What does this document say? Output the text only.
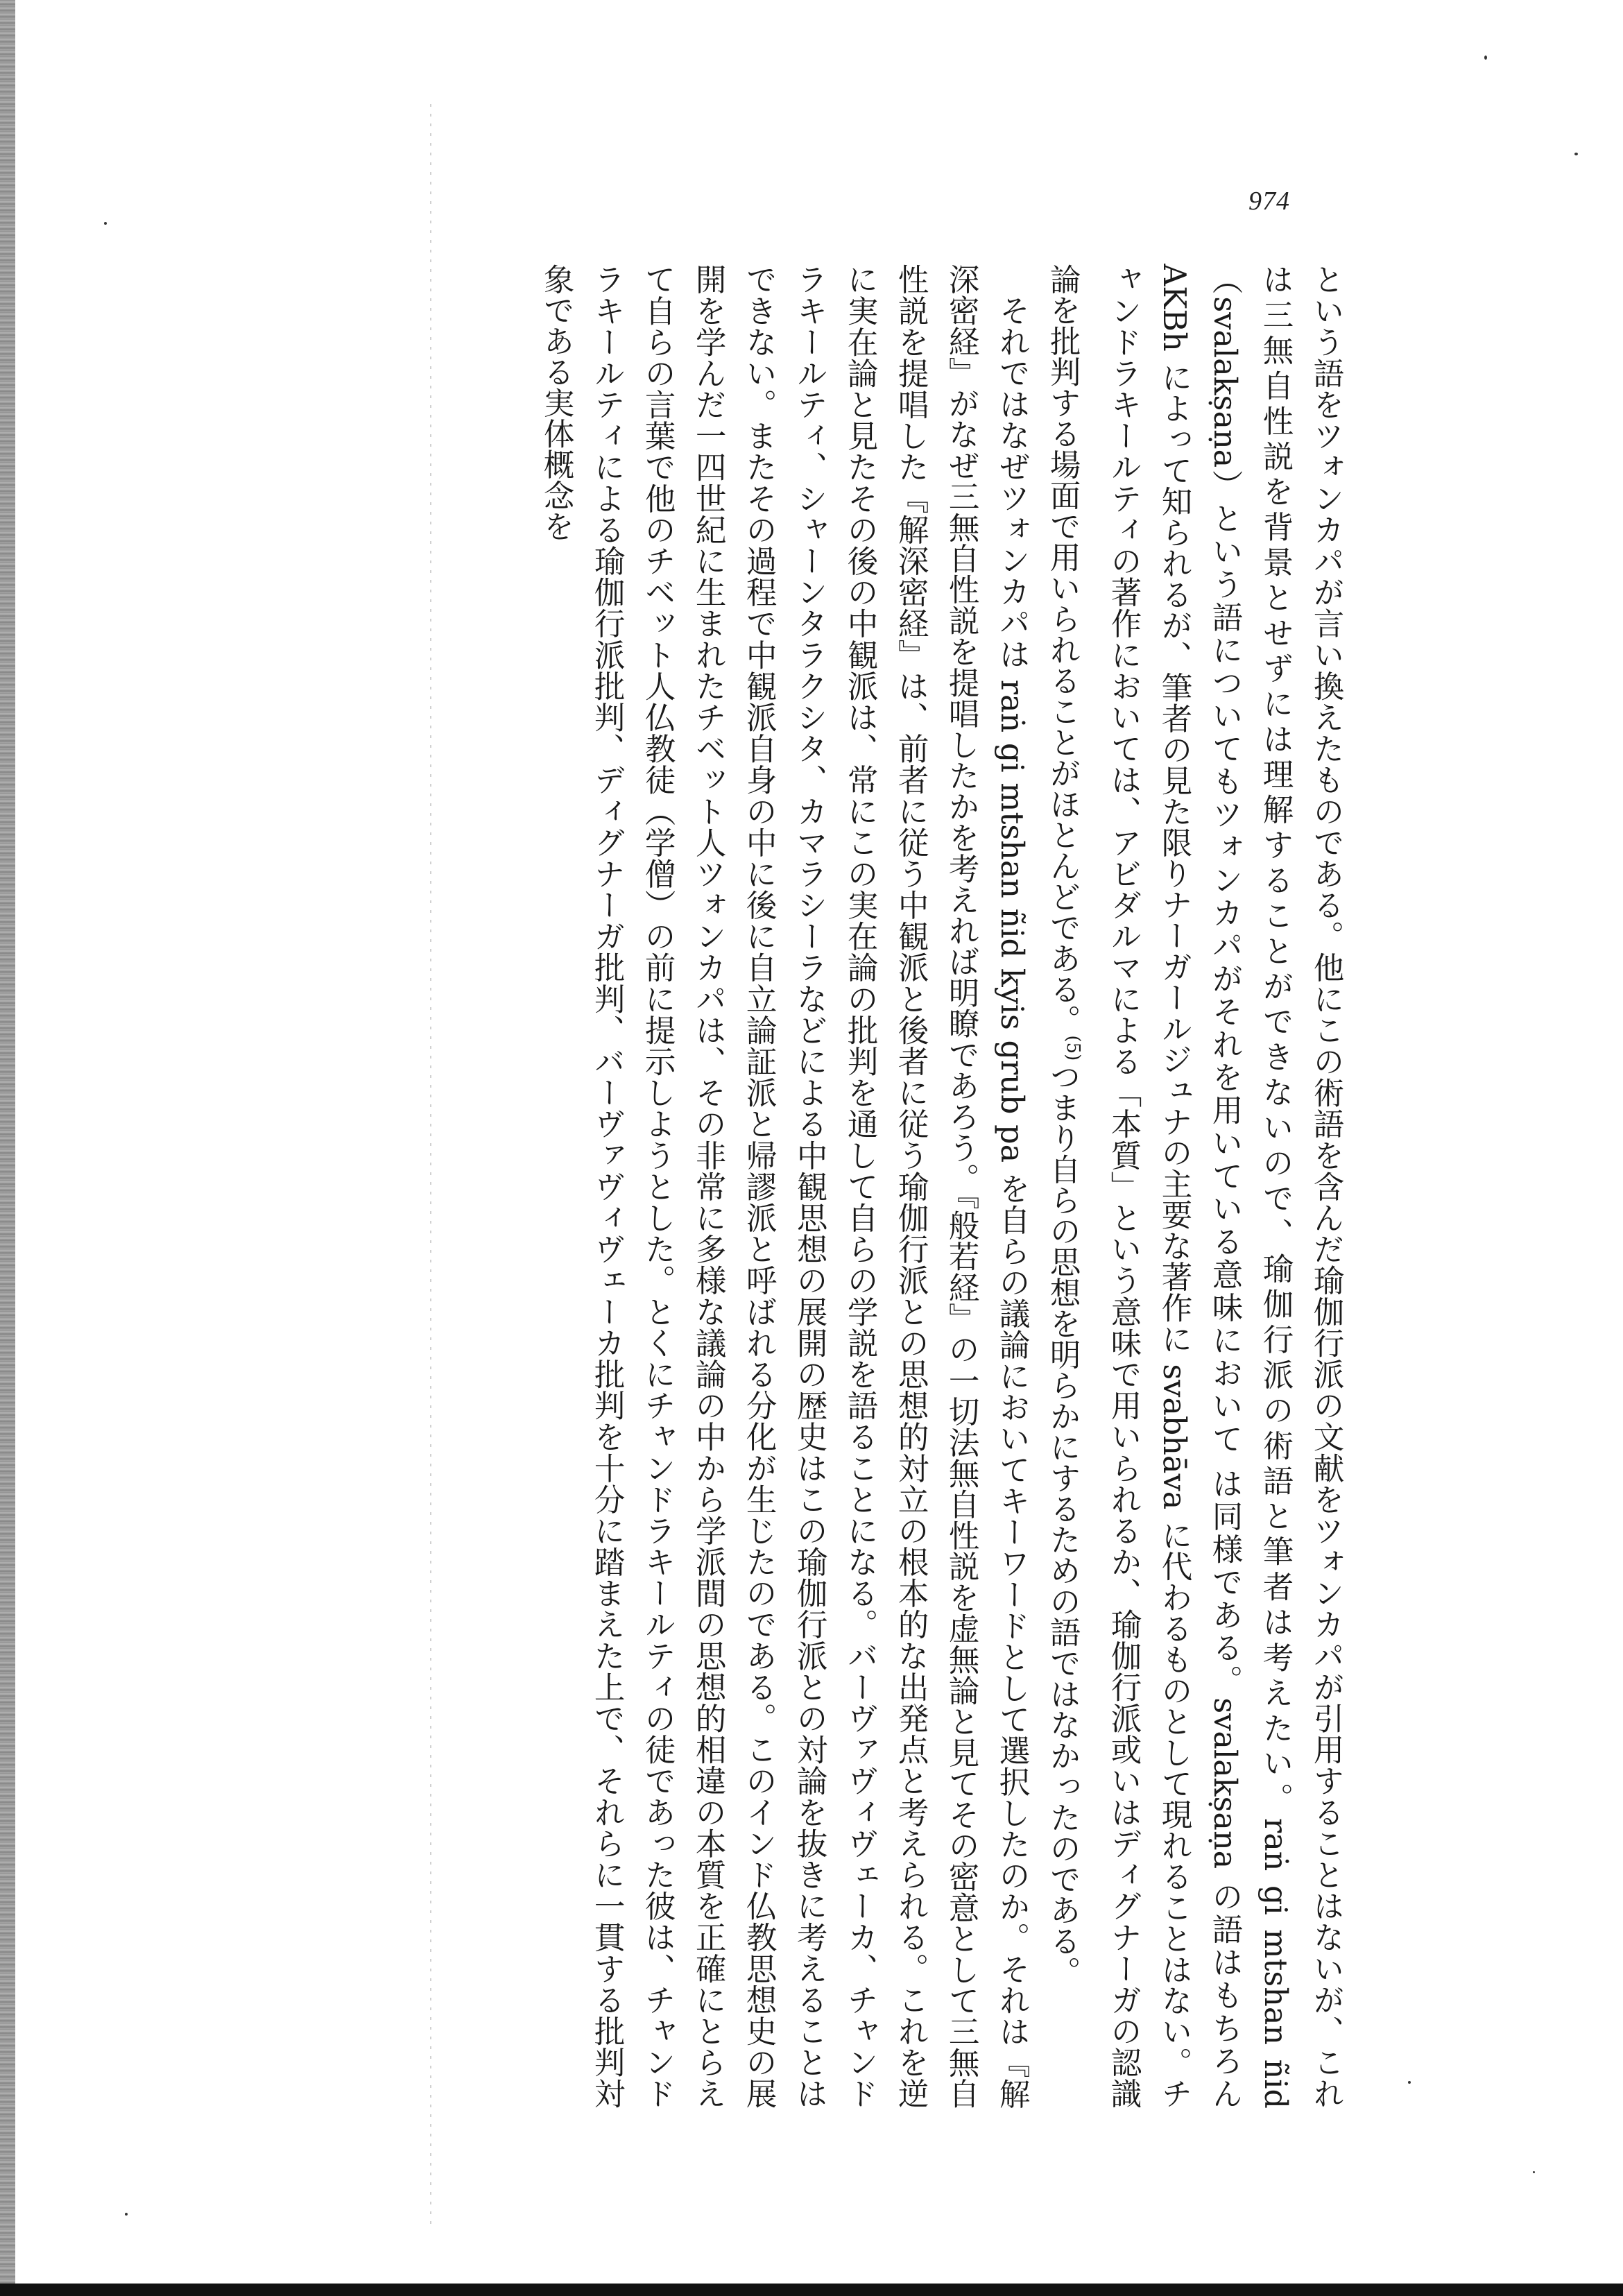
974

という語をツォンカパが言い換えたものである。他にこの術語を含んだ瑜伽行派の文献をツォンカパが引用することはないが、これは三無自性説を背景とせずには理解することができないので、瑜伽行派の術語と筆者は考えたい。raṅ gi mtshan ñid（svalakṣaṇa）という語についてもツォンカパがそれを用いている意味において は同様である。svalakṣaṇa の語はもちろん AKBh によって知られるが、筆者の見た限りナーガールジュナの主要な著作に svabhāva に代わるものとして現れることはない。チャンドラキールティの著作においては、アビダルマによる「本質」という意味で用いられるか、瑜伽行派或いはディグナーガの認識論を批判する場面で用いられることがほとんどである。$^{(5)}$つまり自らの思想を明らかにするための語ではなかったのである。

それではなぜツォンカパは raṅ gi mtshan ñid kyis grub pa を自らの議論においてキーワードとして選択したのか。それは『解深密経』がなぜ三無自性説を提唱したかを考えれば明瞭であろう。『般若経』の一切法無自性説を虚無論と見てその密意として三無自性説を提唱した『解深密経』は、前者に従う中観派と後者に従う瑜伽行派との思想的対立の根本的な出発点と考えられる。これを逆に実在論と見たその後の中観派は、常にこの実在論の批判を通して自らの学説を語ることになる。バーヴァヴィヴェーカ、チャンドラキールティ、シャーンタラクシタ、カマラシーラなどによる中観思想の展開の歴史はこの瑜伽行派との対論を抜きに考えることはできない。またその過程で中観派自身の中に後に自立論証派と帰謬派と呼ばれる分化が生じたのである。このインド仏教思想史の展開を学んだ一四世紀に生まれたチベット人ツォンカパは、その非常に多様な議論の中から学派間の思想的相違の本質を正確にとらえて自らの言葉で他のチベット人仏教徒（学僧）の前に提示しようとした。とくにチャンドラキールティの徒であった彼は、チャンドラキールティによる瑜伽行派批判、ディグナーガ批判、バーヴァヴィヴェーカ批判を十分に踏まえた上で、それらに一貫する批判対象である実体概念を
